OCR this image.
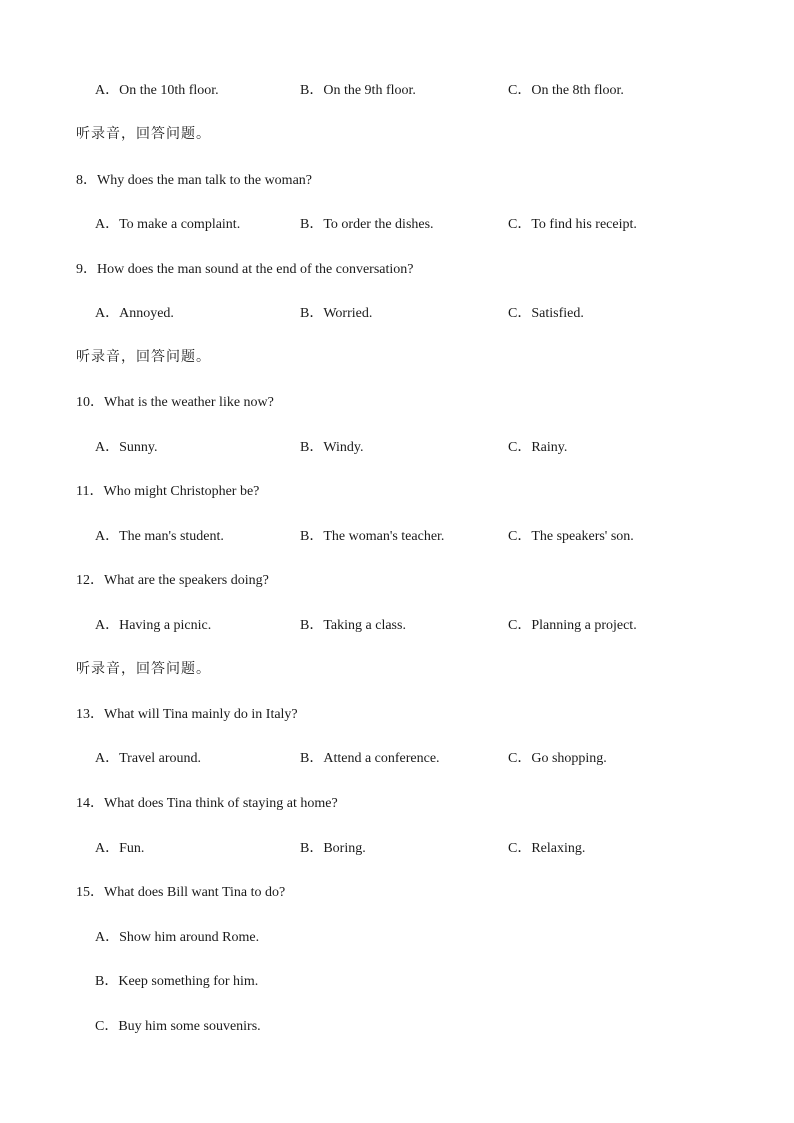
A．On the 10th floor.	B．On the 9th floor.	C．On the 8th floor.
听录音，回答问题。
8．Why does the man talk to the woman?
A．To make a complaint.	B．To order the dishes.	C．To find his receipt.
9．How does the man sound at the end of the conversation?
A．Annoyed.	B．Worried.	C．Satisfied.
听录音，回答问题。
10．What is the weather like now?
A．Sunny.	B．Windy.	C．Rainy.
11．Who might Christopher be?
A．The man's student.	B．The woman's teacher.	C．The speakers' son.
12．What are the speakers doing?
A．Having a picnic.	B．Taking a class.	C．Planning a project.
听录音，回答问题。
13．What will Tina mainly do in Italy?
A．Travel around.	B．Attend a conference.	C．Go shopping.
14．What does Tina think of staying at home?
A．Fun.	B．Boring.	C．Relaxing.
15．What does Bill want Tina to do?
A．Show him around Rome.
B．Keep something for him.
C．Buy him some souvenirs.
